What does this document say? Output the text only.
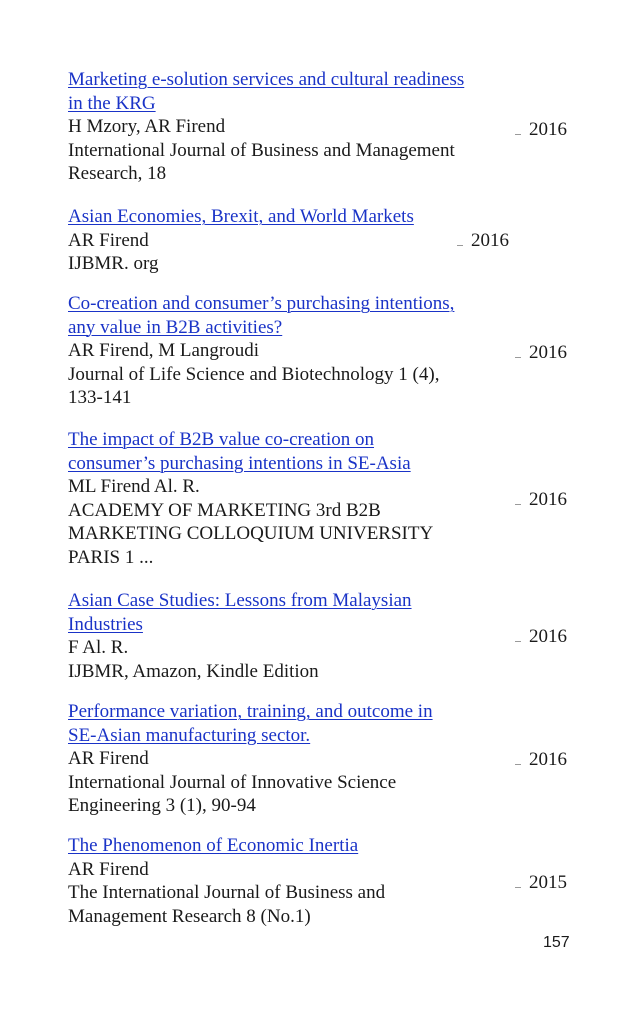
Marketing e-solution services and cultural readiness
in the KRG
H Mzory, AR Firend
International Journal of Business and Management
Research, 18
2016
Asian Economies, Brexit, and World Markets
AR Firend
IJBMR. org
2016
Co-creation and consumer’s purchasing intentions,
any value in B2B activities?
AR Firend, M Langroudi
Journal of Life Science and Biotechnology 1 (4),
133-141
2016
The impact of B2B value co-creation on
consumer’s purchasing intentions in SE-Asia
ML Firend Al. R.
ACADEMY OF MARKETING 3rd B2B
MARKETING COLLOQUIUM UNIVERSITY
PARIS 1 ...
2016
Asian Case Studies: Lessons from Malaysian
Industries
F Al. R.
IJBMR, Amazon, Kindle Edition
2016
Performance variation, training, and outcome in
SE-Asian manufacturing sector.
AR Firend
International Journal of Innovative Science
Engineering 3 (1), 90-94
2016
The Phenomenon of Economic Inertia
AR Firend
The International Journal of Business and
Management Research 8 (No.1)
2015
157
